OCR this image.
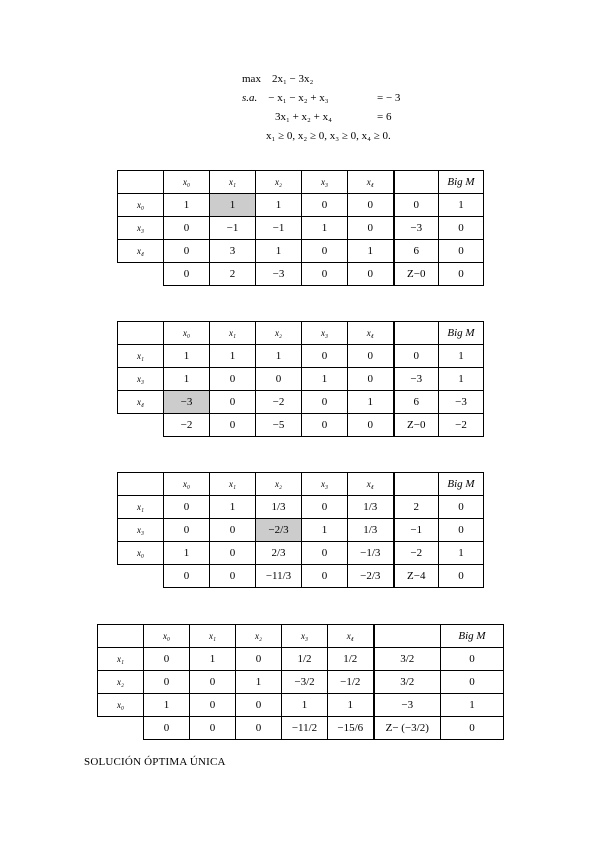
max 2x₁ − 3x₂
s.a. − x₁ − x₂ + x₃	= − 3
3x₁ + x₂ + x₄	= 6
x₁ ≥ 0, x₂ ≥ 0, x₃ ≥ 0, x₄ ≥ 0.
	x₀	x₁	x₂	x₃	x₄		Big M
x₀	1	1	1	0	0	0	1
x₃	0	−1	−1	1	0	−3	0
x₄	0	3	1	0	1	6	0
	0	2	−3	0	0	Z−0	0
	x₀	x₁	x₂	x₃	x₄		Big M
x₁	1	1	1	0	0	0	1
x₃	1	0	0	1	0	−3	1
x₄	−3	0	−2	0	1	6	−3
	−2	0	−5	0	0	Z−0	−2
	x₀	x₁	x₂	x₃	x₄		Big M
x₁	0	1	1/3	0	1/3	2	0
x₃	0	0	−2/3	1	1/3	−1	0
x₀	1	0	2/3	0	−1/3	−2	1
	0	0	−11/3	0	−2/3	Z−4	0
	x₀	x₁	x₂	x₃	x₄		Big M
x₁	0	1	0	1/2	1/2	3/2	0
x₂	0	0	1	−3/2	−1/2	3/2	0
x₀	1	0	0	1	1	−3	1
	0	0	0	−11/2	−15/6	Z− (−3/2)	0
SOLUCIÓN ÓPTIMA ÚNICA
